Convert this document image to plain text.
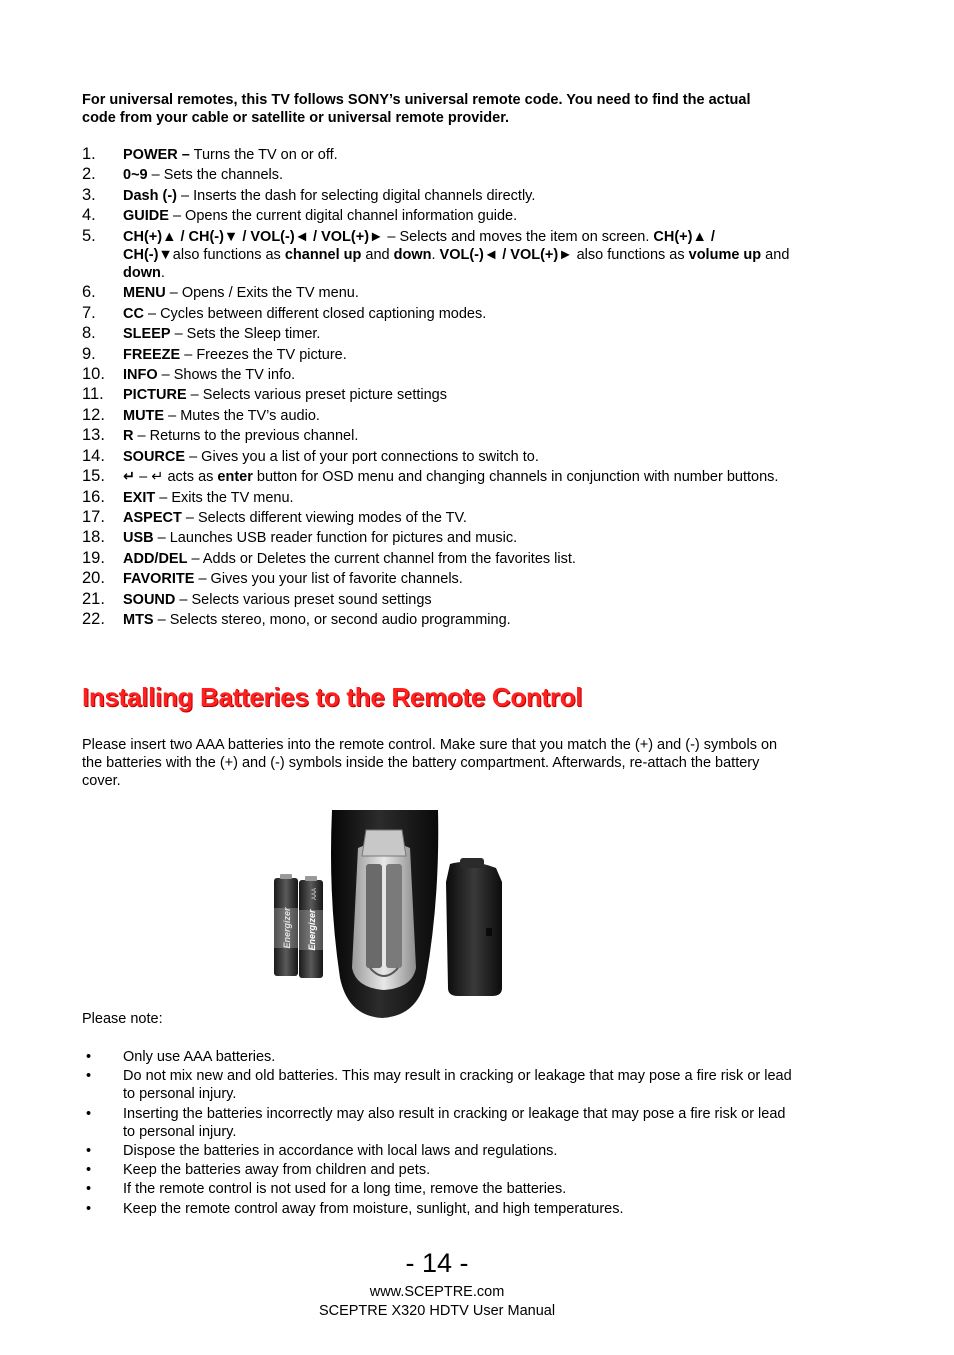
For universal remotes, this TV follows SONY’s universal remote code. You need to find the actual code from your cable or satellite or universal remote provider.

1. POWER – Turns the TV on or off.
2. 0~9 – Sets the channels.
3. Dash (-) – Inserts the dash for selecting digital channels directly.
4. GUIDE – Opens the current digital channel information guide.
5. CH(+)▲ / CH(-)▼ / VOL(-)◄ / VOL(+)► – Selects and moves the item on screen. CH(+)▲ / CH(-)▼also functions as channel up and down. VOL(-)◄ / VOL(+)► also functions as volume up and down.
6. MENU – Opens / Exits the TV menu.
7. CC – Cycles between different closed captioning modes.
8. SLEEP – Sets the Sleep timer.
9. FREEZE – Freezes the TV picture.
10. INFO – Shows the TV info.
11. PICTURE – Selects various preset picture settings
12. MUTE – Mutes the TV’s audio.
13. R – Returns to the previous channel.
14. SOURCE – Gives you a list of your port connections to switch to.
15. ↵ – ↵ acts as enter button for OSD menu and changing channels in conjunction with number buttons.
16. EXIT – Exits the TV menu.
17. ASPECT – Selects different viewing modes of the TV.
18. USB – Launches USB reader function for pictures and music.
19. ADD/DEL – Adds or Deletes the current channel from the favorites list.
20. FAVORITE – Gives you your list of favorite channels.
21. SOUND – Selects various preset sound settings
22. MTS – Selects stereo, mono, or second audio programming.
Installing Batteries to the Remote Control

Please insert two AAA batteries into the remote control. Make sure that you match the (+) and (-) symbols on the batteries with the (+) and (-) symbols inside the battery compartment. Afterwards, re-attach the battery cover.

Energizer Energizer
AAA

Please note:

• Only use AAA batteries.
• Do not mix new and old batteries. This may result in cracking or leakage that may pose a fire risk or lead to personal injury.
• Inserting the batteries incorrectly may also result in cracking or leakage that may pose a fire risk or lead to personal injury.
• Dispose the batteries in accordance with local laws and regulations.
• Keep the batteries away from children and pets.
• If the remote control is not used for a long time, remove the batteries.
• Keep the remote control away from moisture, sunlight, and high temperatures.

- 14 -

www.SCEPTRE.com
SCEPTRE X320 HDTV User Manual
